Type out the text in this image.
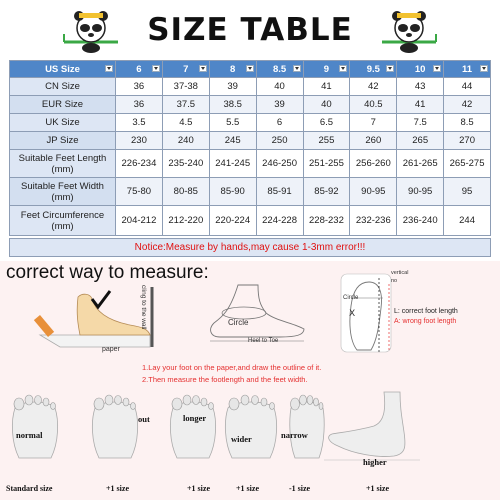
SIZE TABLE
US Size	6	7	8	8.5	9	9.5	10	11

CN Size	36	37-38	39	40	41	42	43	44
EUR Size	36	37.5	38.5	39	40	40.5	41	42
UK Size	3.5	4.5	5.5	6	6.5	7	7.5	8.5
JP Size	230	240	245	250	255	260	265	270
Suitable Feet Length (mm)	226-234	235-240	241-245	246-250	251-255	256-260	261-265	265-275
Suitable Feet Width (mm)	75-80	80-85	85-90	85-91	85-92	90-95	90-95	95
Feet Circumference (mm)	204-212	212-220	220-224	224-228	228-232	232-236	236-240	244
Notice:Measure by hands,may cause 1-3mm error!!!
correct way to measure:
cling to the wall
paper
Circle
Heel to Toe
X
vertical
no
Circle
L: correct foot length
A: wrong foot length
1.Lay your foot on the paper,and draw the outline of it.
2.Then measure the footlength and the feet width.
normal
out	longer
wider	narrow
higher
Standard size	+1 size	+1 size	+1 size	-1 size	+1 size
